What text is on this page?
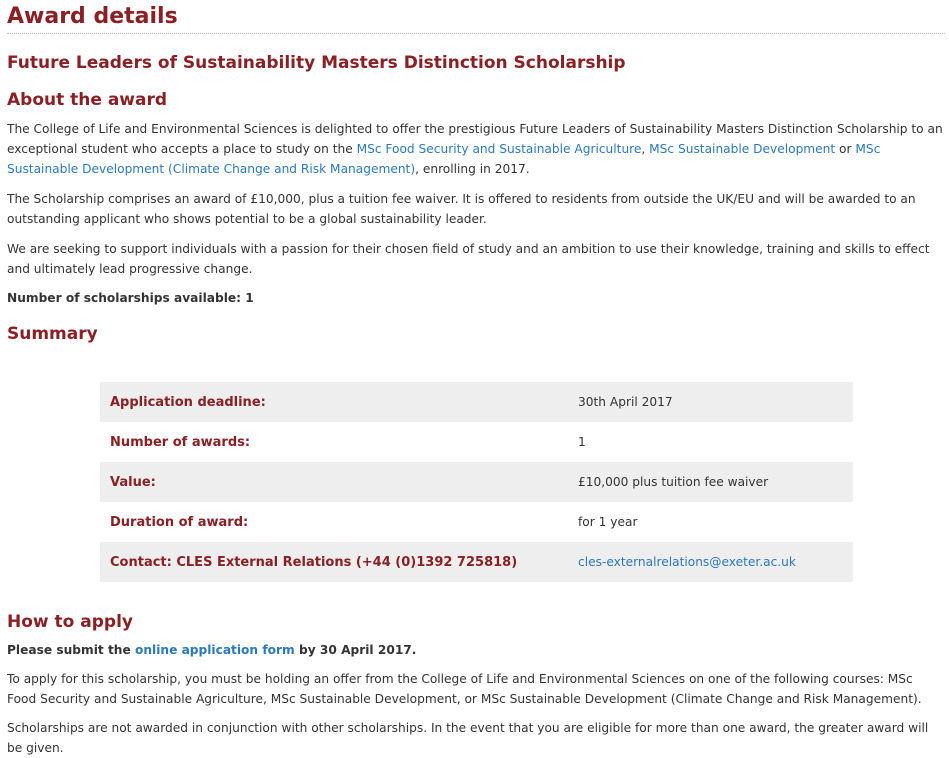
Award details
Future Leaders of Sustainability Masters Distinction Scholarship
About the award

The College of Life and Environmental Sciences is delighted to offer the prestigious Future Leaders of Sustainability Masters Distinction Scholarship to an exceptional student who accepts a place to study on the MSc Food Security and Sustainable Agriculture, MSc Sustainable Development or MSc Sustainable Development (Climate Change and Risk Management), enrolling in 2017.

The Scholarship comprises an award of £10,000, plus a tuition fee waiver. It is offered to residents from outside the UK/EU and will be awarded to an outstanding applicant who shows potential to be a global sustainability leader.

We are seeking to support individuals with a passion for their chosen field of study and an ambition to use their knowledge, training and skills to effect and ultimately lead progressive change.

Number of scholarships available: 1

Summary
Application deadline:	30th April 2017
Number of awards:	1
Value:	£10,000 plus tuition fee waiver
Duration of award:	for 1 year
Contact: CLES External Relations (+44 (0)1392 725818)	cles-externalrelations@exeter.ac.uk
How to apply

Please submit the online application form by 30 April 2017.

To apply for this scholarship, you must be holding an offer from the College of Life and Environmental Sciences on one of the following courses: MSc Food Security and Sustainable Agriculture, MSc Sustainable Development, or MSc Sustainable Development (Climate Change and Risk Management).

Scholarships are not awarded in conjunction with other scholarships. In the event that you are eligible for more than one award, the greater award will be given.
